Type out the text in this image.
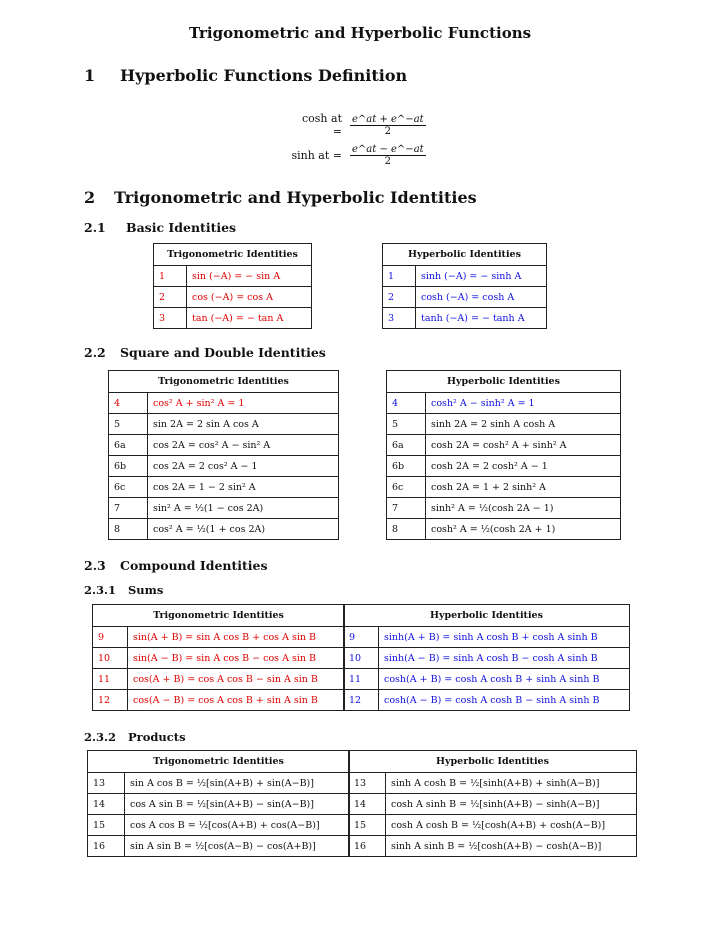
Trigonometric and Hyperbolic Functions
1 Hyperbolic Functions Definition
cosh at = $\frac{e\^{}at + e\^{}-at}{2}$
sinh at = $\frac{e\^{}at - e\^{}-at}{2}$
2 Trigonometric and Hyperbolic Identities
2.1 Basic Identities
Trigonometric Identities	
1	sin (−A) = − sin A
2	cos (−A) = cos A
3	tan (−A) = − tan A
Hyperbolic Identities	
1	sinh (−A) = − sinh A
2	cosh (−A) = cosh A
3	tanh (−A) = − tanh A
2.2 Square and Double Identities
Trigonometric Identities	
4	cos² A + sin² A = 1
5	sin 2A = 2 sin A cos A
6a	cos 2A = cos² A − sin² A
6b	cos 2A = 2 cos² A − 1
6c	cos 2A = 1 − 2 sin² A
7	sin² A = ½(1 − cos 2A)
8	cos² A = ½(1 + cos 2A)
Hyperbolic Identities	
4	cosh² A − sinh² A = 1
5	sinh 2A = 2 sinh A cosh A
6a	cosh 2A = cosh² A + sinh² A
6b	cosh 2A = 2 cosh² A − 1
6c	cosh 2A = 1 + 2 sinh² A
7	sinh² A = ½(cosh 2A − 1)
8	cosh² A = ½(cosh 2A + 1)
2.3 Compound Identities
2.3.1 Sums
Trigonometric Identities	
9	sin(A + B) = sin A cos B + cos A sin B
10	sin(A − B) = sin A cos B − cos A sin B
11	cos(A + B) = cos A cos B − sin A sin B
12	cos(A − B) = cos A cos B + sin A sin B
Hyperbolic Identities	
9	sinh(A + B) = sinh A cosh B + cosh A sinh B
10	sinh(A − B) = sinh A cosh B − cosh A sinh B
11	cosh(A + B) = cosh A cosh B + sinh A sinh B
12	cosh(A − B) = cosh A cosh B − sinh A sinh B
2.3.2 Products
Trigonometric Identities	
13	sin A cos B = ½[sin(A+B) + sin(A−B)]
14	cos A sin B = ½[sin(A+B) − sin(A−B)]
15	cos A cos B = ½[cos(A+B) + cos(A−B)]
16	sin A sin B = ½[cos(A−B) − cos(A+B)]
Hyperbolic Identities	
13	sinh A cosh B = ½[sinh(A+B) + sinh(A−B)]
14	cosh A sinh B = ½[sinh(A+B) − sinh(A−B)]
15	cosh A cosh B = ½[cosh(A+B) + cosh(A−B)]
16	sinh A sinh B = ½[cosh(A+B) − cosh(A−B)]
